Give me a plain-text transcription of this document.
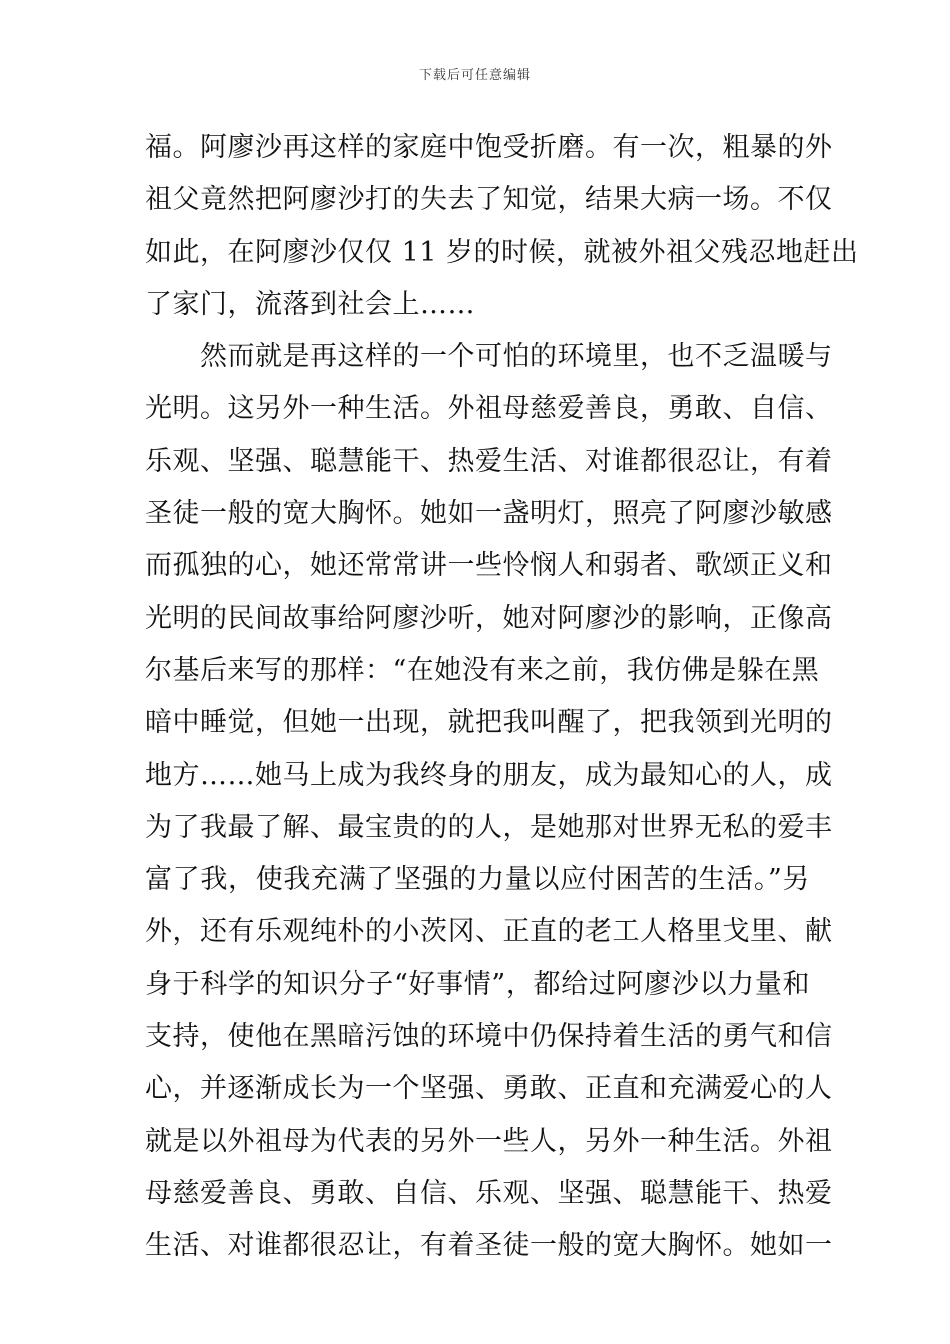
下载后可任意编辑
福。阿廖沙再这样的家庭中饱受折磨。有一次，粗暴的外
祖父竟然把阿廖沙打的失去了知觉，结果大病一场。不仅
如此，在阿廖沙仅仅 11 岁的时候，就被外祖父残忍地赶出
了家门，流落到社会上……
然而就是再这样的一个可怕的环境里，也不乏温暖与
光明。这另外一种生活。外祖母慈爱善良，勇敢、自信、
乐观、坚强、聪慧能干、热爱生活、对谁都很忍让，有着
圣徒一般的宽大胸怀。她如一盏明灯，照亮了阿廖沙敏感
而孤独的心，她还常常讲一些怜悯人和弱者、歌颂正义和
光明的民间故事给阿廖沙听，她对阿廖沙的影响，正像高
尔基后来写的那样：“在她没有来之前，我仿佛是躲在黑
暗中睡觉，但她一出现，就把我叫醒了，把我领到光明的
地方……她马上成为我终身的朋友，成为最知心的人，成
为了我最了解、最宝贵的的人，是她那对世界无私的爱丰
富了我，使我充满了坚强的力量以应付困苦的生活。”另
外，还有乐观纯朴的小茨冈、正直的老工人格里戈里、献
身于科学的知识分子“好事情”，都给过阿廖沙以力量和
支持，使他在黑暗污蚀的环境中仍保持着生活的勇气和信
心，并逐渐成长为一个坚强、勇敢、正直和充满爱心的人
就是以外祖母为代表的另外一些人，另外一种生活。外祖
母慈爱善良、勇敢、自信、乐观、坚强、聪慧能干、热爱
生活、对谁都很忍让，有着圣徒一般的宽大胸怀。她如一
